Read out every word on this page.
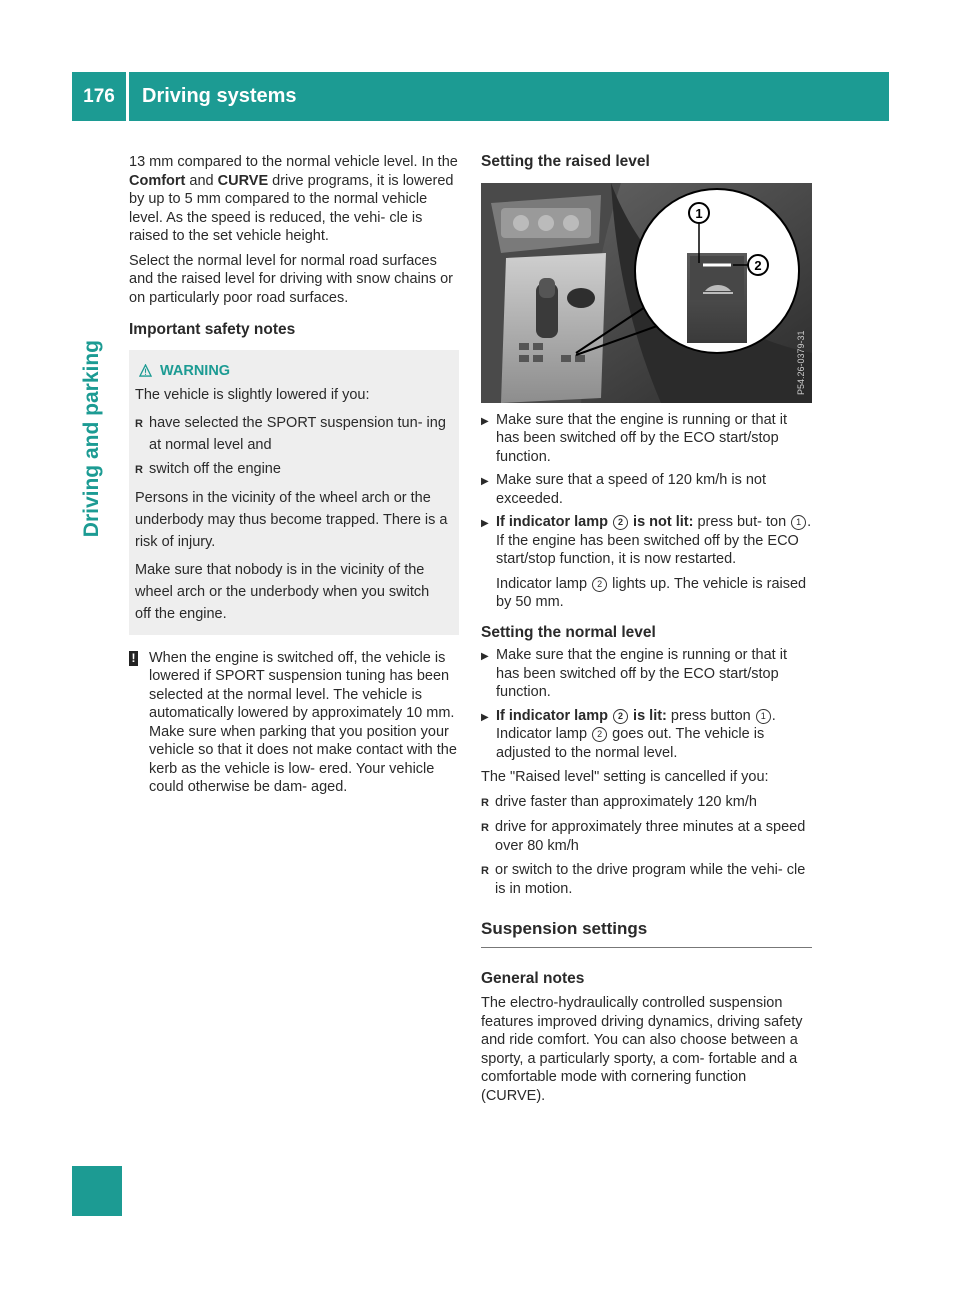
176	Driving systems
Driving and parking

13 mm compared to the normal vehicle level. In the Comfort and CURVE drive programs, it is lowered by up to 5 mm compared to the normal vehicle level. As the speed is reduced, the vehi- cle is raised to the set vehicle height.

Select the normal level for normal road surfaces and the raised level for driving with snow chains or on particularly poor road surfaces.

Important safety notes
WARNING

The vehicle is slightly lowered if you:

R have selected the SPORT suspension tun- ing at normal level and
R switch off the engine

Persons in the vicinity of the wheel arch or the underbody may thus become trapped. There is a risk of injury.

Make sure that nobody is in the vicinity of the wheel arch or the underbody when you switch off the engine.

! When the engine is switched off, the vehicle is lowered if SPORT suspension tuning has been selected at the normal level. The vehicle is automatically lowered by approximately 10 mm. Make sure when parking that you position your vehicle so that it does not make contact with the kerb as the vehicle is low- ered. Your vehicle could otherwise be dam- aged.
Setting the raised level
1
2
P54.26-0379-31
▶ Make sure that the engine is running or that it has been switched off by the ECO start/stop function.
▶ Make sure that a speed of 120 km/h is not exceeded.
▶ If indicator lamp 2 is not lit: press but- ton 1 .
If the engine has been switched off by the ECO start/stop function, it is now restarted.
Indicator lamp 2 lights up. The vehicle is raised by 50 mm.
Setting the normal level
▶ Make sure that the engine is running or that it has been switched off by the ECO start/stop function.
▶ If indicator lamp 2 is lit: press button 1 . Indicator lamp 2 goes out. The vehicle is adjusted to the normal level.

The "Raised level" setting is cancelled if you:

R drive faster than approximately 120 km/h
R drive for approximately three minutes at a speed over 80 km/h
R or switch to the drive program while the vehi- cle is in motion.
Suspension settings
General notes

The electro-hydraulically controlled suspension features improved driving dynamics, driving safety and ride comfort. You can also choose between a sporty, a particularly sporty, a com- fortable and a comfortable mode with cornering function (CURVE).
